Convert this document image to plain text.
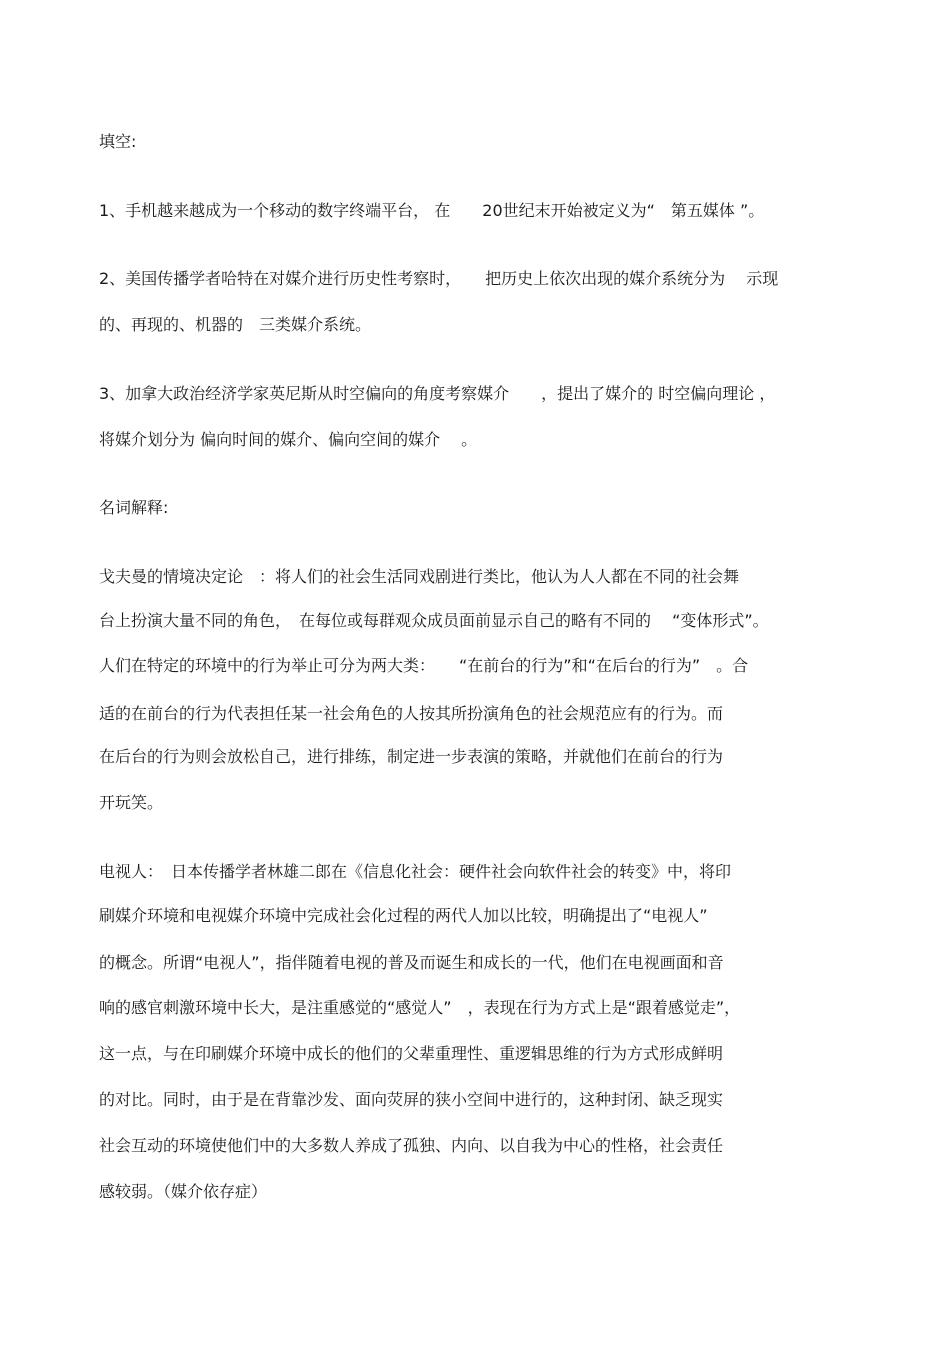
填空:
1、手机越来越成为一个移动的数字终端平台， 在　　20世纪末开始被定义为“　第五媒体 ”。
2、美国传播学者哈特在对媒介进行历史性考察时，　　把历史上依次出现的媒介系统分为　 示现
的、再现的、机器的　三类媒介系统。
3、加拿大政治经济学家英尼斯从时空偏向的角度考察媒介　　，提出了媒介的 时空偏向理论 ，
将媒介划分为 偏向时间的媒介、偏向空间的媒介　 。
名词解释:
戈夫曼的情境决定论　：将人们的社会生活同戏剧进行类比，他认为人人都在不同的社会舞
台上扮演大量不同的角色，　在每位或每群观众成员面前显示自己的略有不同的　 “变体形式”。
人们在特定的环境中的行为举止可分为两大类：　　“在前台的行为”和“在后台的行为”　。合
适的在前台的行为代表担任某一社会角色的人按其所扮演角色的社会规范应有的行为。而
在后台的行为则会放松自己，进行排练，制定进一步表演的策略，并就他们在前台的行为
开玩笑。
电视人：　日本传播学者林雄二郎在《信息化社会：硬件社会向软件社会的转变》中，将印
刷媒介环境和电视媒介环境中完成社会化过程的两代人加以比较，明确提出了“电视人”
的概念。所谓“电视人”，指伴随着电视的普及而诞生和成长的一代，他们在电视画面和音
响的感官刺激环境中长大，是注重感觉的“感觉人”　，表现在行为方式上是“跟着感觉走”，
这一点，与在印刷媒介环境中成长的他们的父辈重理性、重逻辑思维的行为方式形成鲜明
的对比。同时，由于是在背靠沙发、面向荧屏的狭小空间中进行的，这种封闭、缺乏现实
社会互动的环境使他们中的大多数人养成了孤独、内向、以自我为中心的性格，社会责任
感较弱。（媒介依存症）
